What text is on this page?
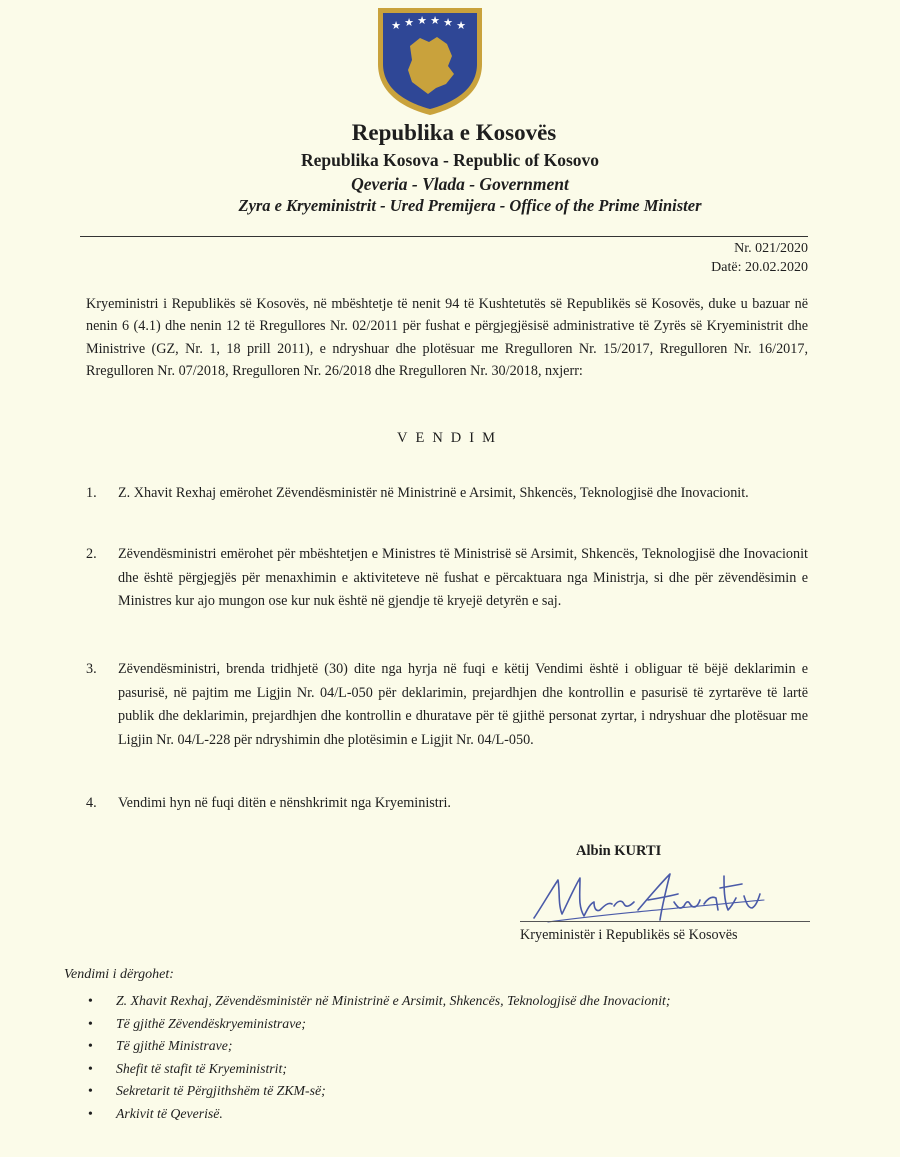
★ ★ ★ ★ ★ ★
Republika e Kosovës
Republika Kosova - Republic of Kosovo
Qeveria - Vlada - Government
Zyra e Kryeministrit - Ured Premijera - Office of the Prime Minister
Nr. 021/2020
Datë: 20.02.2020
Kryeministri i Republikës së Kosovës, në mbështetje të nenit 94 të Kushtetutës së Republikës së Kosovës, duke u bazuar në nenin 6 (4.1) dhe nenin 12 të Rregullores Nr. 02/2011 për fushat e përgjegjësisë administrative të Zyrës së Kryeministrit dhe Ministrive (GZ, Nr. 1, 18 prill 2011), e ndryshuar dhe plotësuar me Rregulloren Nr. 15/2017, Rregulloren Nr. 16/2017, Rregulloren Nr. 07/2018, Rregulloren Nr. 26/2018 dhe Rregulloren Nr. 30/2018, nxjerr:
VENDIM
1.	Z. Xhavit Rexhaj emërohet Zëvendësministër në Ministrinë e Arsimit, Shkencës, Teknologjisë dhe Inovacionit.
2.	Zëvendësministri emërohet për mbështetjen e Ministres të Ministrisë së Arsimit, Shkencës, Teknologjisë dhe Inovacionit dhe është përgjegjës për menaxhimin e aktiviteteve në fushat e përcaktuara nga Ministrja, si dhe për zëvendësimin e Ministres kur ajo mungon ose kur nuk është në gjendje të kryejë detyrën e saj.
3.	Zëvendësministri, brenda tridhjetë (30) dite nga hyrja në fuqi e këtij Vendimi është i obliguar të bëjë deklarimin e pasurisë, në pajtim me Ligjin Nr. 04/L-050 për deklarimin, prejardhjen dhe kontrollin e pasurisë të zyrtarëve të lartë publik dhe deklarimin, prejardhjen dhe kontrollin e dhuratave për të gjithë personat zyrtar, i ndryshuar dhe plotësuar me Ligjin Nr. 04/L-228 për ndryshimin dhe plotësimin e Ligjit Nr. 04/L-050.
4.	Vendimi hyn në fuqi ditën e nënshkrimit nga Kryeministri.
Albin KURTI
Kryeministër i Republikës së Kosovës
Vendimi i dërgohet:
• Z. Xhavit Rexhaj, Zëvendësministër në Ministrinë e Arsimit, Shkencës, Teknologjisë dhe Inovacionit;
• Të gjithë Zëvendëskryeministrave;
• Të gjithë Ministrave;
• Shefit të stafit të Kryeministrit;
• Sekretarit të Përgjithshëm të ZKM-së;
• Arkivit të Qeverisë.
